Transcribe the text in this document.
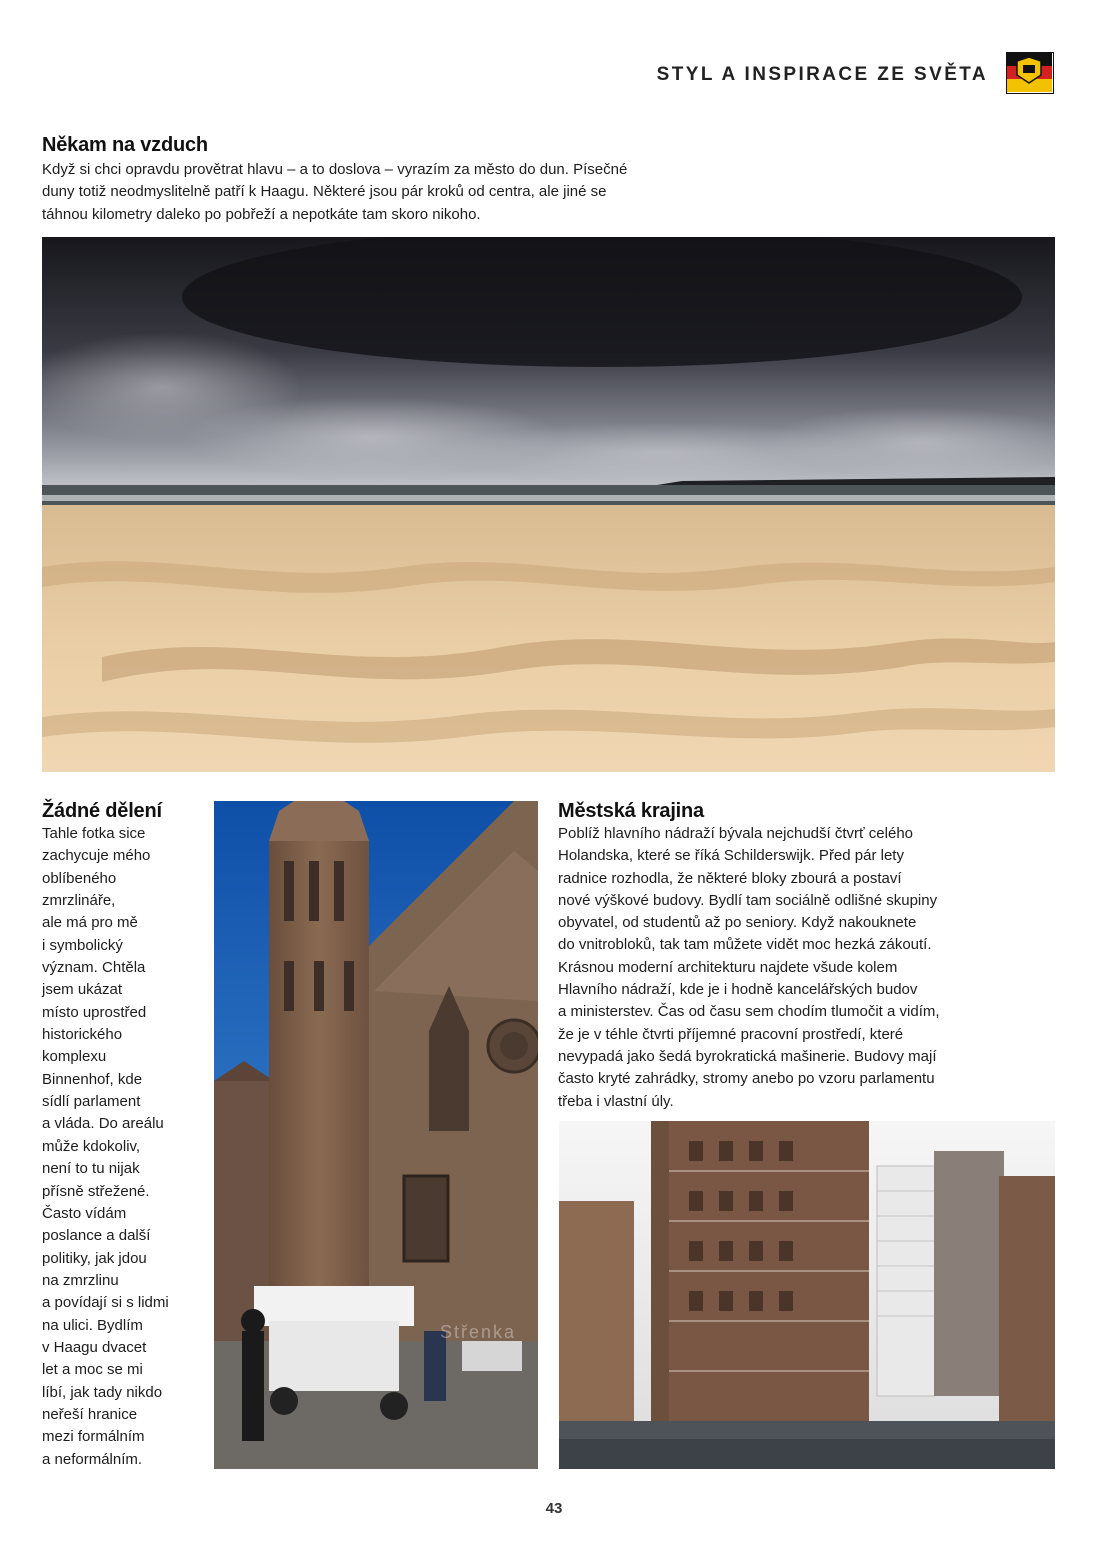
STYL A INSPIRACE ZE SVĚTA
Někam na vzduch

Když si chci opravdu provětrat hlavu – a to doslova – vyrazím za město do dun. Písečné
duny totiž neodmyslitelně patří k Haagu. Některé jsou pár kroků od centra, ale jiné se
táhnou kilometry daleko po pobřeží a nepotkáte tam skoro nikoho.

Žádné dělení

Tahle fotka sice
zachycuje mého
oblíbeného
zmrzlináře,
ale má pro mě
i symbolický
význam. Chtěla
jsem ukázat
místo uprostřed
historického
komplexu
Binnenhof, kde
sídlí parlament
a vláda. Do areálu
může kdokoliv,
není to tu nijak
přísně střežené.
Často vídám
poslance a další
politiky, jak jdou
na zmrzlinu
a povídají si s lidmi
na ulici. Bydlím
v Haagu dvacet
let a moc se mi
líbí, jak tady nikdo
neřeší hranice
mezi formálním
a neformálním.

Městská krajina

Poblíž hlavního nádraží bývala nejchudší čtvrť celého
Holandska, které se říká Schilderswijk. Před pár lety
radnice rozhodla, že některé bloky zbourá a postaví
nové výškové budovy. Bydlí tam sociálně odlišné skupiny
obyvatel, od studentů až po seniory. Když nakouknete
do vnitrobloků, tak tam můžete vidět moc hezká zákoutí.
Krásnou moderní architekturu najdete všude kolem
Hlavního nádraží, kde je i hodně kancelářských budov
a ministerstev. Čas od času sem chodím tlumočit a vidím,
že je v téhle čtvrti příjemné pracovní prostředí, které
nevypadá jako šedá byrokratická mašinerie. Budovy mají
často kryté zahrádky, stromy anebo po vzoru parlamentu
třeba i vlastní úly.

Střenka
43
